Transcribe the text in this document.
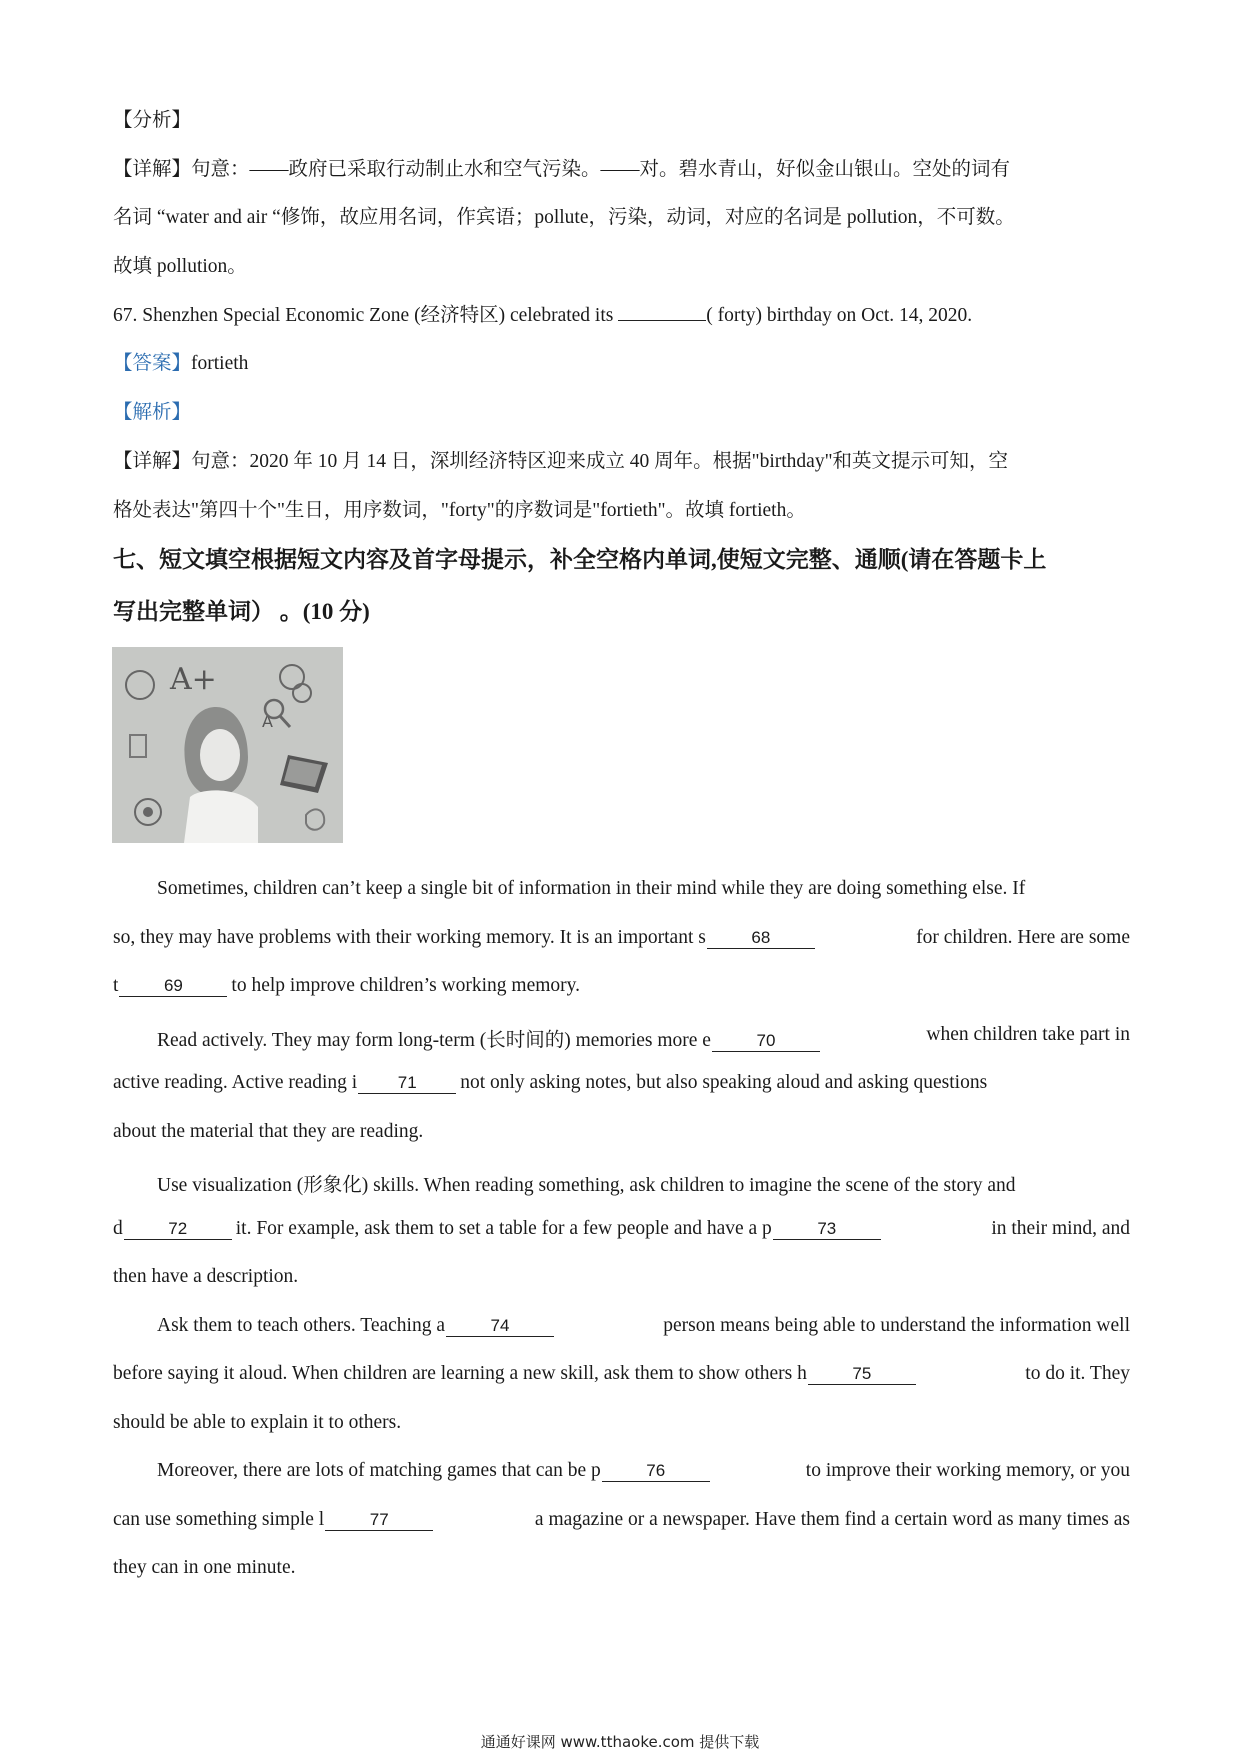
【分析】
【详解】句意：——政府已采取行动制止水和空气污染。——对。碧水青山，好似金山银山。空处的词有
名词 “water and air “修饰，故应用名词，作宾语；pollute，污染，动词，对应的名词是 pollution，不可数。
故填 pollution。
67. Shenzhen Special Economic Zone (经济特区) celebrated its	( forty) birthday on Oct. 14, 2020.
【答案】fortieth
【解析】
【详解】句意：2020 年 10 月 14 日，深圳经济特区迎来成立 40 周年。根据"birthday"和英文提示可知，空
格处表达"第四十个"生日，用序数词，"forty"的序数词是"fortieth"。故填 fortieth。
七、短文填空根据短文内容及首字母提示，补全空格内单词,使短文完整、通顺(请在答题卡上
写出完整单词） 。(10 分)
A+
A
Sometimes, children can’t keep a single bit of information in their mind while they are doing something else. If
so, they may have problems with their working memory. It is an important s	68	for children. Here are some
t	69 to help improve children’s working memory.
Read actively. They may form long-term (长时间的) memories more e	70	when children take part in
active reading. Active reading i 71 not only asking notes, but also speaking aloud and asking questions
about the material that they are reading.
Use visualization (形象化) skills. When reading something, ask children to imagine the scene of the story and
d	72 it. For example, ask them to set a table for a few people and have a p	73	in their mind, and
then have a description.
Ask them to teach others. Teaching a	74	person means being able to understand the information well
before saying it aloud. When children are learning a new skill, ask them to show others h	75	to do it. They
should be able to explain it to others.
Moreover, there are lots of matching games that can be p	76	to improve their working memory, or you
can use something simple l	77	a magazine or a newspaper. Have them find a certain word as many times as
they can in one minute.
通通好课网 www.tthaoke.com 提供下载
